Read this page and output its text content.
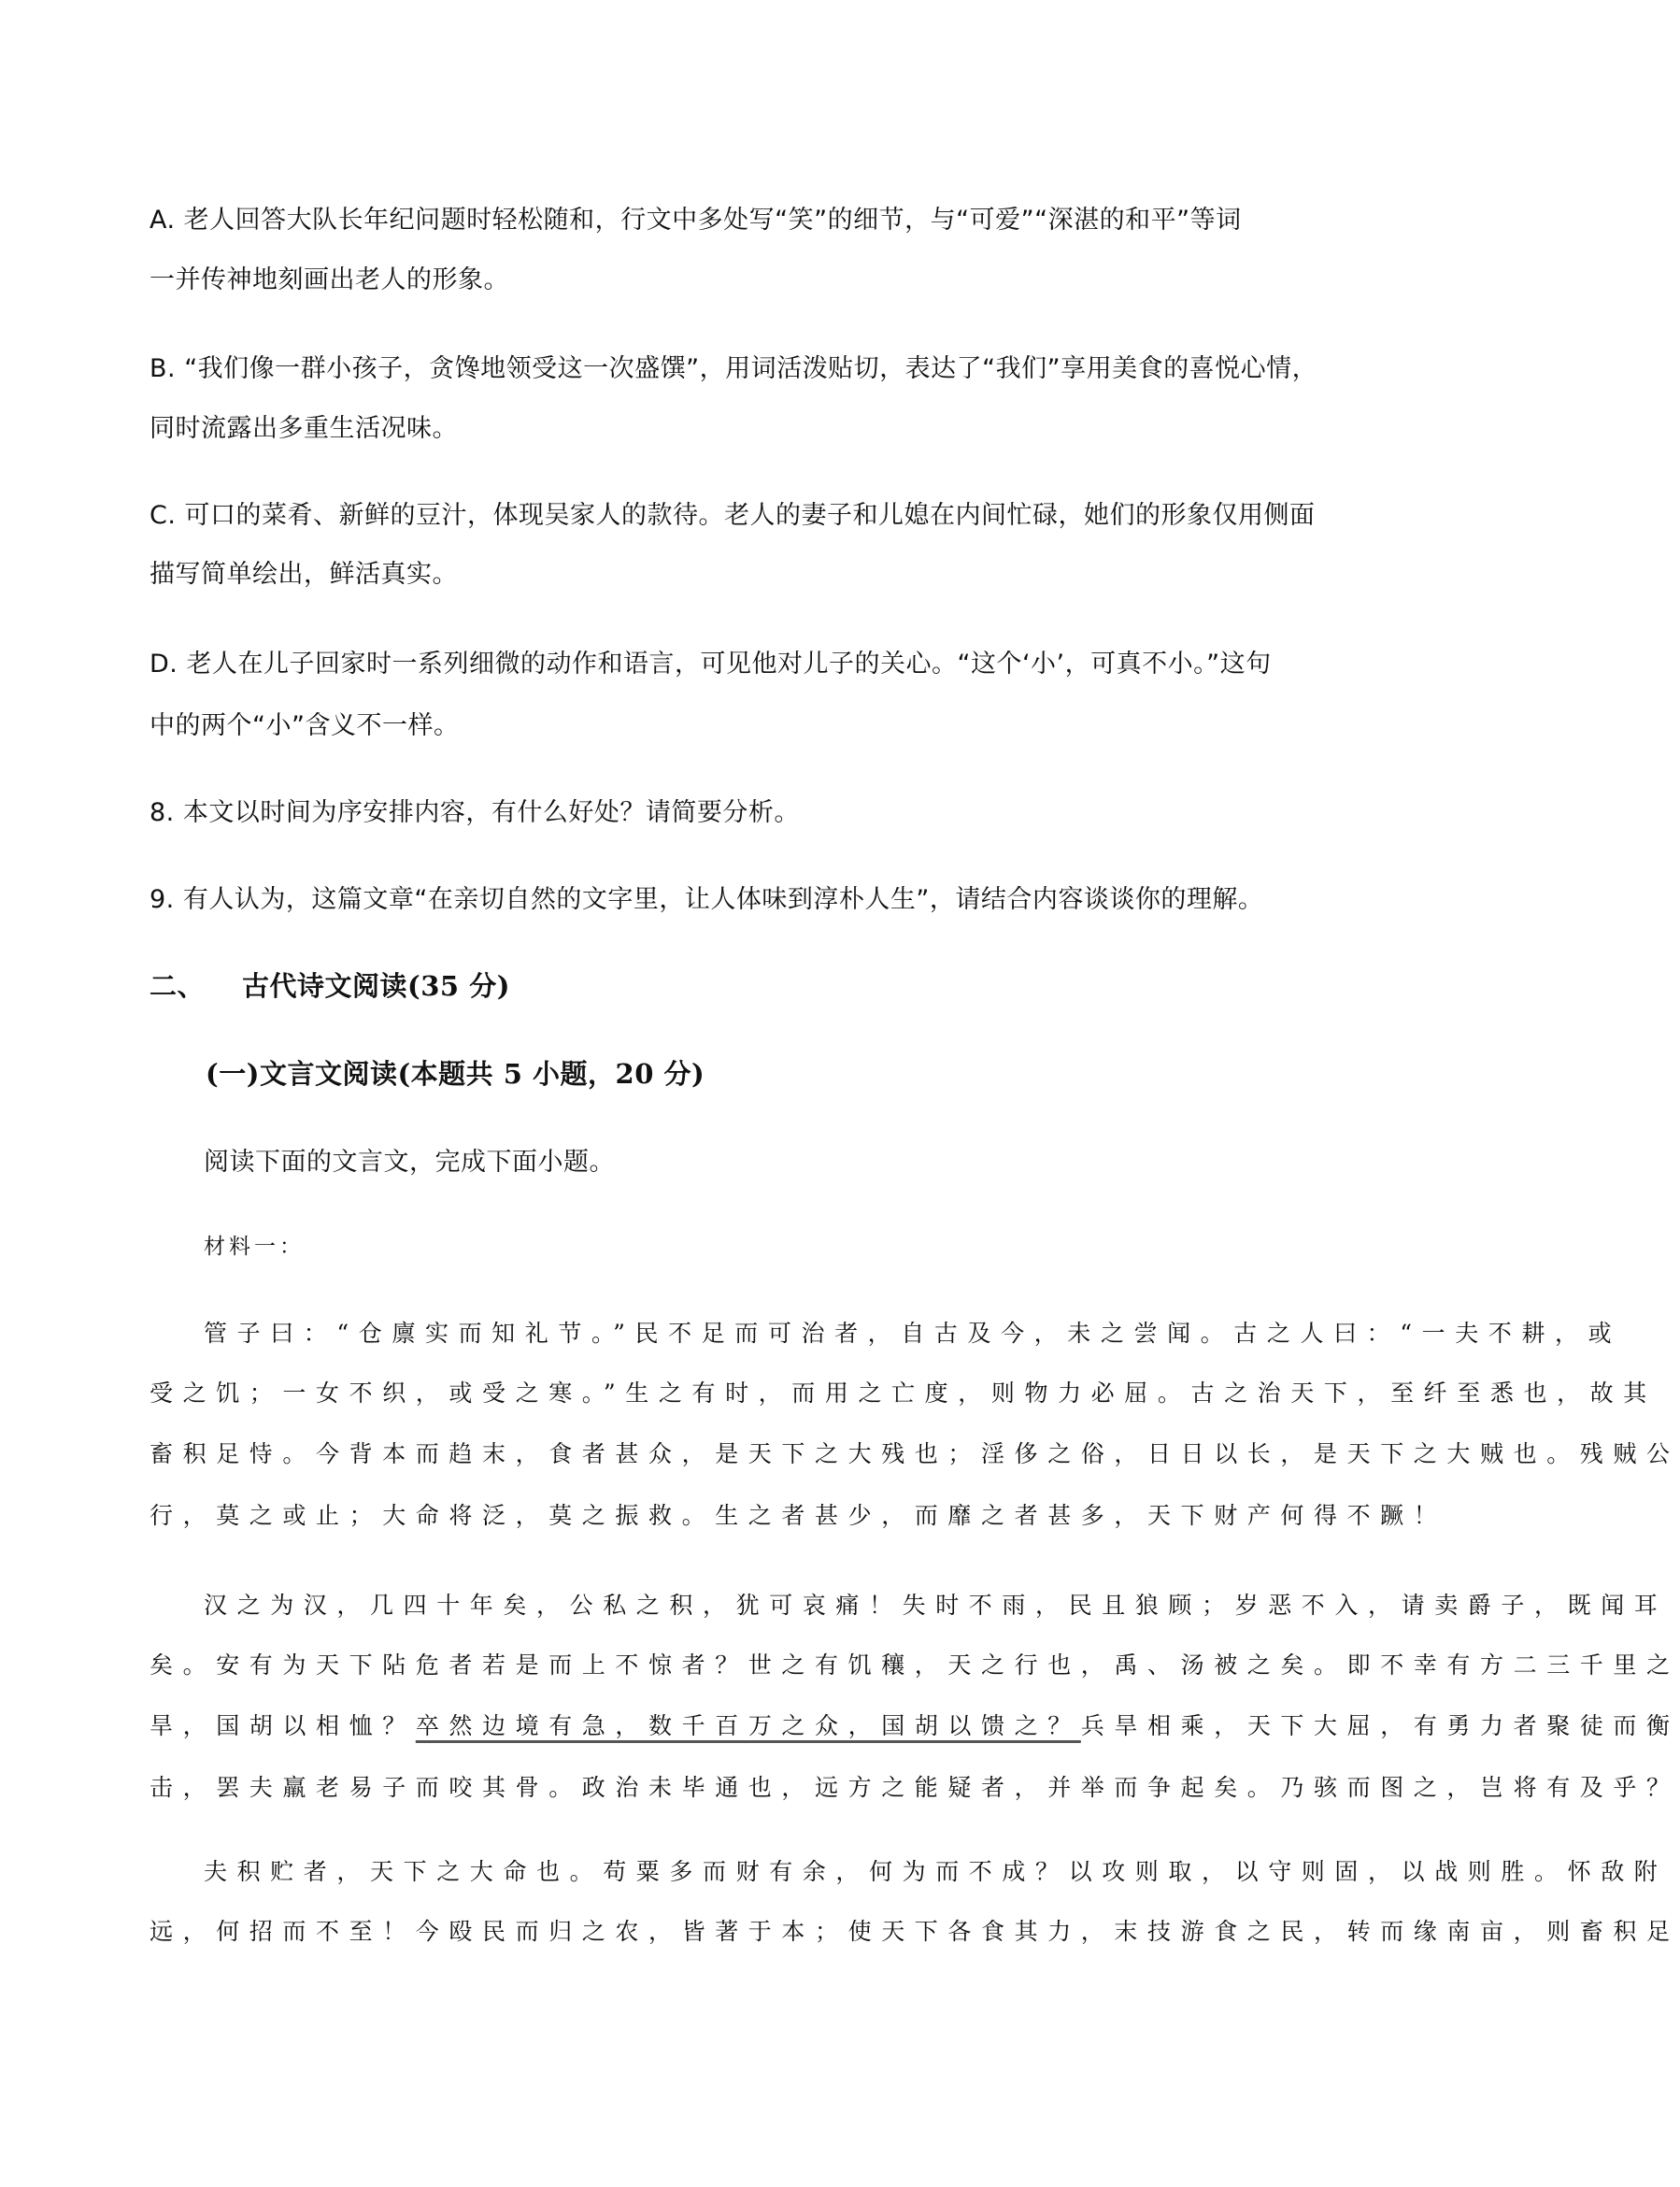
A. 老人回答大队长年纪问题时轻松随和，行文中多处写“笑”的细节，与“可爱”“深湛的和平”等词
一并传神地刻画出老人的形象。
B. “我们像一群小孩子，贪馋地领受这一次盛馔”，用词活泼贴切，表达了“我们”享用美食的喜悦心情，
同时流露出多重生活况味。
C. 可口的菜肴、新鲜的豆汁，体现吴家人的款待。老人的妻子和儿媳在内间忙碌，她们的形象仅用侧面
描写简单绘出，鲜活真实。
D. 老人在儿子回家时一系列细微的动作和语言，可见他对儿子的关心。“这个‘小’，可真不小。”这句
中的两个“小”含义不一样。
8. 本文以时间为序安排内容，有什么好处？请简要分析。
9. 有人认为，这篇文章“在亲切自然的文字里，让人体味到淳朴人生”，请结合内容谈谈你的理解。
二、 古代诗文阅读(35 分)
(一)文言文阅读(本题共 5 小题，20 分)
阅读下面的文言文，完成下面小题。
材料一：
管子曰：“仓廪实而知礼节。”民不足而可治者，自古及今，未之尝闻。古之人曰：“一夫不耕，或
受之饥；一女不织，或受之寒。”生之有时，而用之亡度，则物力必屈。古之治天下，至纤至悉也，故其
畜积足恃。今背本而趋末，食者甚众，是天下之大残也；淫侈之俗，日日以长，是天下之大贼也。残贼公
行，莫之或止；大命将泛，莫之振救。生之者甚少，而靡之者甚多，天下财产何得不蹶！
汉之为汉，几四十年矣，公私之积，犹可哀痛！失时不雨，民且狼顾；岁恶不入，请卖爵子，既闻耳
矣。安有为天下阽危者若是而上不惊者？世之有饥穰，天之行也，禹、汤被之矣。即不幸有方二三千里之
旱，国胡以相恤？卒然边境有急，数千百万之众，国胡以馈之？兵旱相乘，天下大屈，有勇力者聚徒而衡
击，罢夫羸老易子而咬其骨。政治未毕通也，远方之能疑者，并举而争起矣。乃骇而图之，岂将有及乎？
夫积贮者，天下之大命也。苟粟多而财有余，何为而不成？以攻则取，以守则固，以战则胜。怀敌附
远，何招而不至！今殴民而归之农，皆著于本；使天下各食其力，末技游食之民，转而缘南亩，则畜积足
